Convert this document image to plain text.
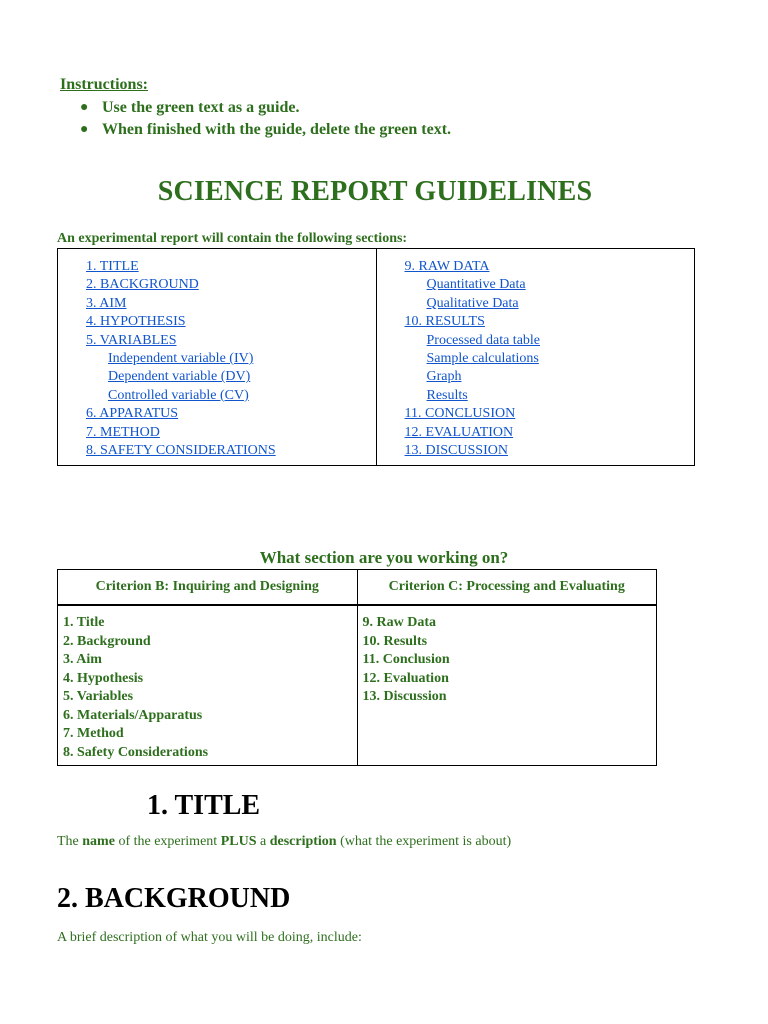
Instructions:
● Use the green text as a guide.
● When finished with the guide, delete the green text.
SCIENCE REPORT GUIDELINES
An experimental report will contain the following sections:
1. TITLE
2. BACKGROUND
3. AIM
4. HYPOTHESIS
5. VARIABLES
Independent variable (IV)
Dependent variable (DV)
Controlled variable (CV)
6. APPARATUS
7. METHOD
8. SAFETY CONSIDERATIONS
9. RAW DATA
Quantitative Data
Qualitative Data
10. RESULTS
Processed data table
Sample calculations
Graph
Results
11. CONCLUSION
12. EVALUATION
13. DISCUSSION
What section are you working on?
Criterion B: Inquiring and Designing	Criterion C: Processing and Evaluating
1. Title
2. Background
3. Aim
4. Hypothesis
5. Variables
6. Materials/Apparatus
7. Method
8. Safety Considerations
9. Raw Data
10. Results
11. Conclusion
12. Evaluation
13. Discussion
1. TITLE
The name of the experiment PLUS a description (what the experiment is about)
2. BACKGROUND
A brief description of what you will be doing, include:
